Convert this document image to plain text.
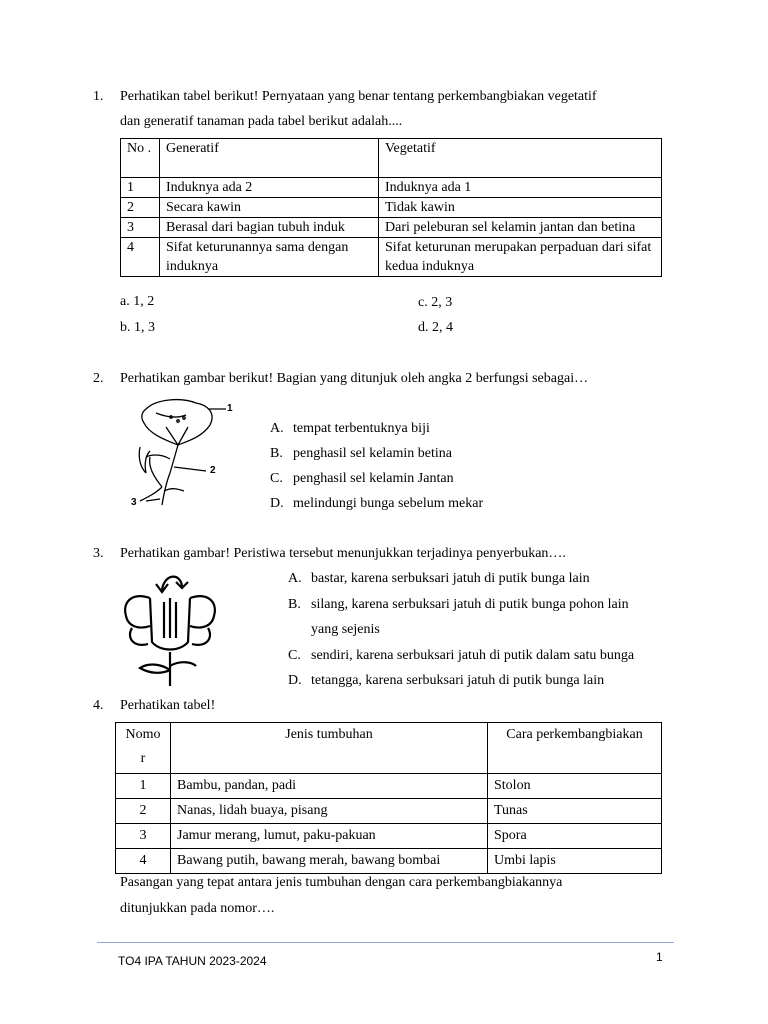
1. Perhatikan tabel berikut! Pernyataan yang benar tentang perkembangbiakan vegetatif
dan generatif tanaman pada tabel berikut adalah....
No .	Generatif	Vegetatif
1	Induknya ada 2	Induknya ada 1
2	Secara kawin	Tidak kawin
3	Berasal dari bagian tubuh induk	Dari peleburan sel kelamin jantan dan betina
4	Sifat keturunannya sama dengan induknya	Sifat keturunan merupakan perpaduan dari sifat kedua induknya
a. 1, 2
b. 1, 3
c. 2, 3
d. 2, 4
2. Perhatikan gambar berikut! Bagian yang ditunjuk oleh angka 2 berfungsi sebagai…
1
2
3
A. tempat terbentuknya biji
B. penghasil sel kelamin betina
C. penghasil sel kelamin Jantan
D. melindungi bunga sebelum mekar
3. Perhatikan gambar! Peristiwa tersebut menunjukkan terjadinya penyerbukan….
A. bastar, karena serbuksari jatuh di putik bunga lain
B. silang, karena serbuksari jatuh di putik bunga pohon lain
yang sejenis
C. sendiri, karena serbuksari jatuh di putik dalam satu bunga
D. tetangga, karena serbuksari jatuh di putik bunga lain
4. Perhatikan tabel!
Nomo r	Jenis tumbuhan	Cara perkembangbiakan
1	Bambu, pandan, padi	Stolon
2	Nanas, lidah buaya, pisang	Tunas
3	Jamur merang, lumut, paku-pakuan	Spora
4	Bawang putih, bawang merah, bawang bombai	Umbi lapis
Pasangan yang tepat antara jenis tumbuhan dengan cara perkembangbiakannya
ditunjukkan pada nomor….
TO4 IPA TAHUN 2023-2024	1
